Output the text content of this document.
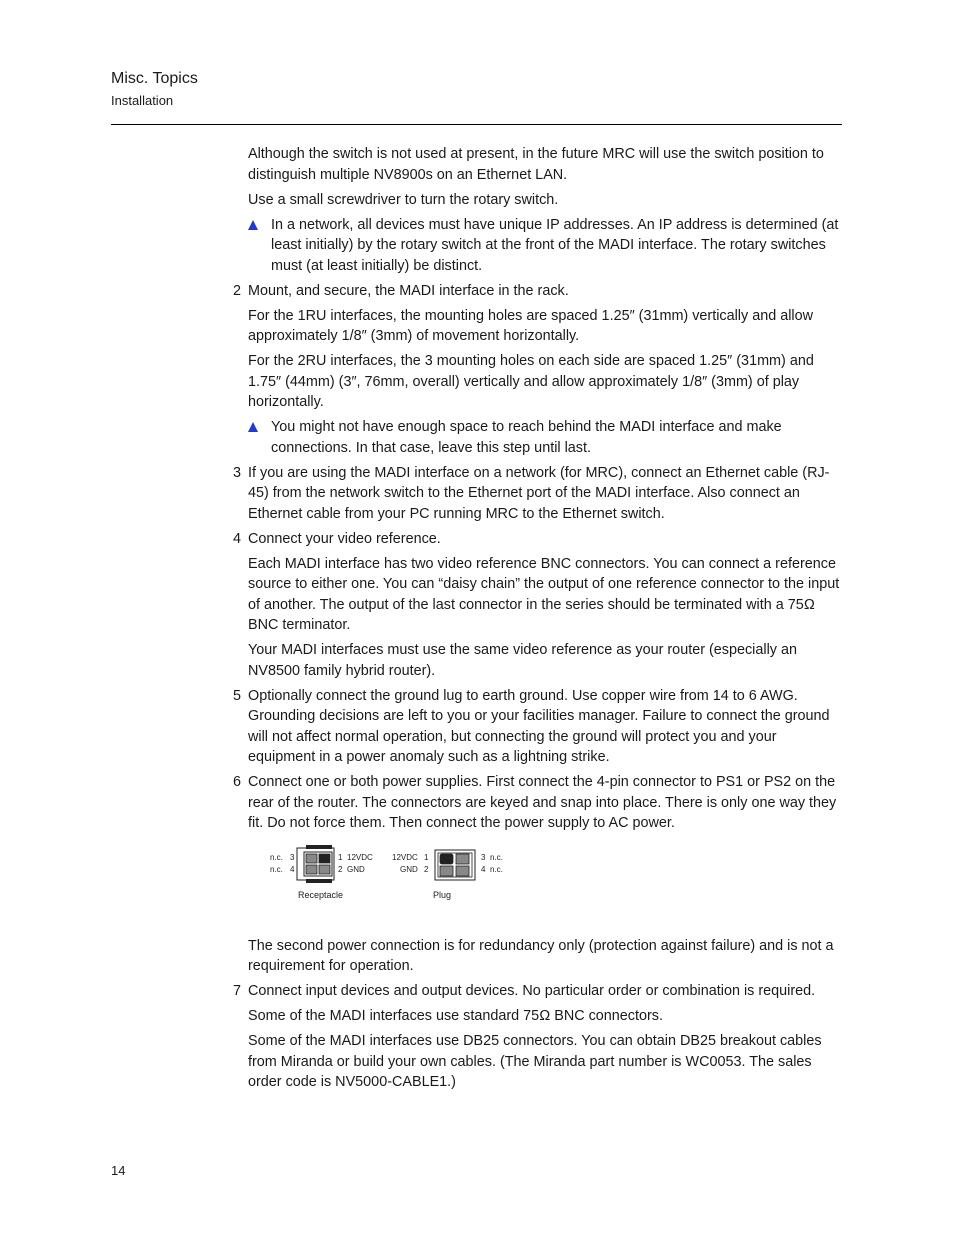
Misc. Topics
Installation

Although the switch is not used at present, in the future MRC will use the switch position to distinguish multiple NV8900s on an Ethernet LAN.

Use a small screwdriver to turn the rotary switch.

In a network, all devices must have unique IP addresses. An IP address is determined (at least initially) by the rotary switch at the front of the MADI interface. The rotary switches must (at least initially) be distinct.
2 Mount, and secure, the MADI interface in the rack.

For the 1RU interfaces, the mounting holes are spaced 1.25″ (31mm) vertically and allow approximately 1/8″ (3mm) of movement horizontally.

For the 2RU interfaces, the 3 mounting holes on each side are spaced 1.25″ (31mm) and 1.75″ (44mm) (3″, 76mm, overall) vertically and allow approximately 1/8″ (3mm) of play horizontally.

You might not have enough space to reach behind the MADI interface and make connections. In that case, leave this step until last.
3 If you are using the MADI interface on a network (for MRC), connect an Ethernet cable (RJ-45) from the network switch to the Ethernet port of the MADI interface. Also connect an Ethernet cable from your PC running MRC to the Ethernet switch.
4 Connect your video reference.

Each MADI interface has two video reference BNC connectors. You can connect a reference source to either one. You can “daisy chain” the output of one reference connector to the input of another. The output of the last connector in the series should be terminated with a 75Ω BNC terminator.

Your MADI interfaces must use the same video reference as your router (especially an NV8500 family hybrid router).

5 Optionally connect the ground lug to earth ground. Use copper wire from 14 to 6 AWG. Grounding decisions are left to you or your facilities manager. Failure to connect the ground will not affect normal operation, but connecting the ground will protect you and your equipment in a power anomaly such as a lightning strike.
6 Connect one or both power supplies. First connect the 4-pin connector to PS1 or PS2 on the rear of the router. The connectors are keyed and snap into place. There is only one way they fit. Do not force them. Then connect the power supply to AC power.
n.c. 3
n.c. 4
1 12VDC
2 GND
Receptacle
12VDC 1
GND 2
3 n.c.
4 n.c.
Plug

The second power connection is for redundancy only (protection against failure) and is not a requirement for operation.

7 Connect input devices and output devices. No particular order or combination is required.

Some of the MADI interfaces use standard 75Ω BNC connectors.

Some of the MADI interfaces use DB25 connectors. You can obtain DB25 breakout cables from Miranda or build your own cables. (The Miranda part number is WC0053. The sales order code is NV5000-CABLE1.)

14
